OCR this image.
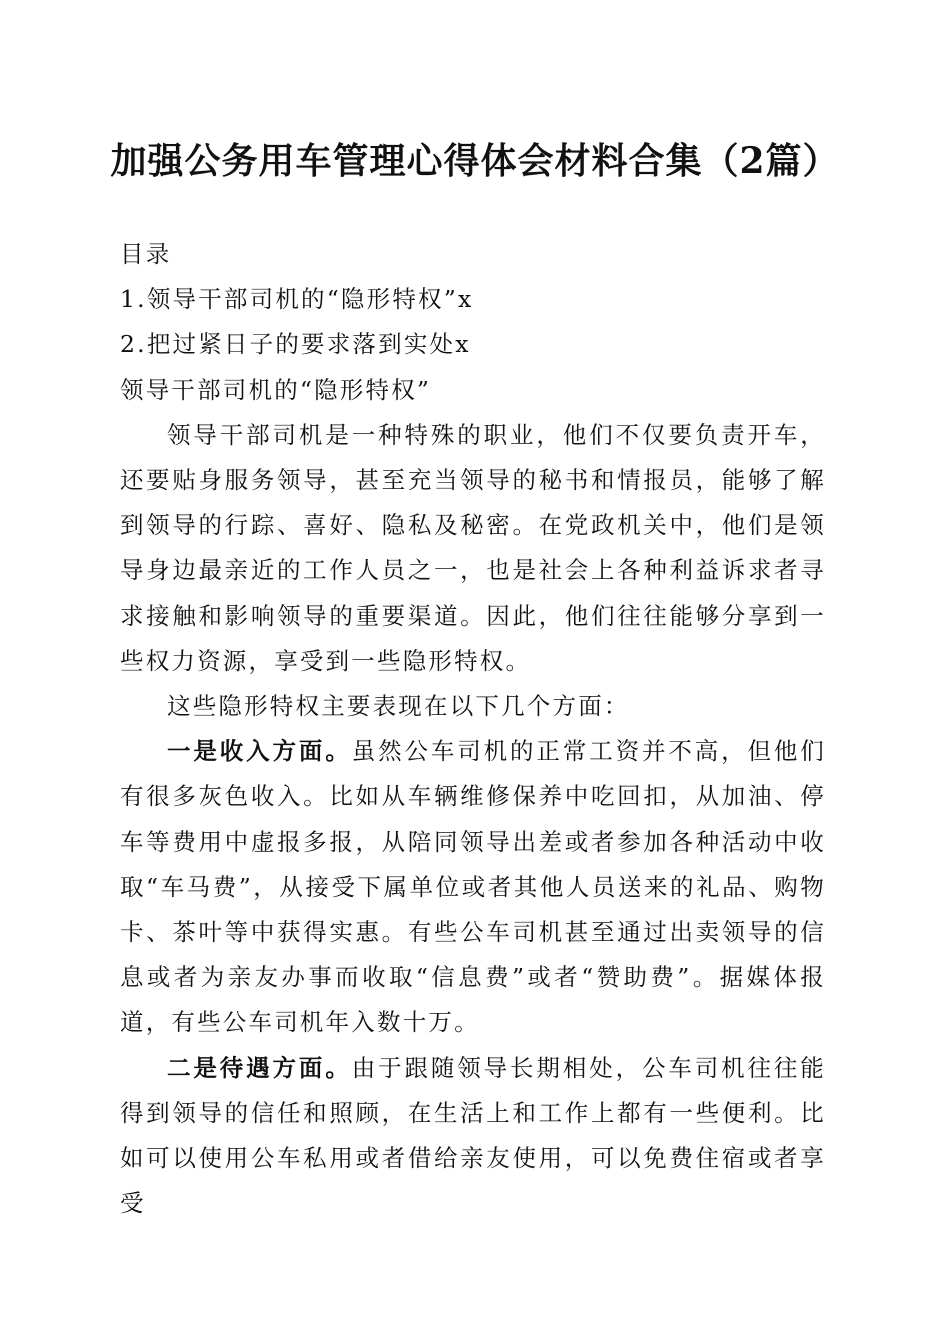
加强公务用车管理心得体会材料合集（2篇）

目录

1.领导干部司机的“隐形特权”x

2.把过紧日子的要求落到实处x

领导干部司机的“隐形特权”

领导干部司机是一种特殊的职业，他们不仅要负责开车，还要贴身服务领导，甚至充当领导的秘书和情报员，能够了解到领导的行踪、喜好、隐私及秘密。在党政机关中，他们是领导身边最亲近的工作人员之一，也是社会上各种利益诉求者寻求接触和影响领导的重要渠道。因此，他们往往能够分享到一些权力资源，享受到一些隐形特权。

这些隐形特权主要表现在以下几个方面：

一是收入方面。虽然公车司机的正常工资并不高，但他们有很多灰色收入。比如从车辆维修保养中吃回扣，从加油、停车等费用中虚报多报，从陪同领导出差或者参加各种活动中收取“车马费”，从接受下属单位或者其他人员送来的礼品、购物卡、茶叶等中获得实惠。有些公车司机甚至通过出卖领导的信息或者为亲友办事而收取“信息费”或者“赞助费”。据媒体报道，有些公车司机年入数十万。

二是待遇方面。由于跟随领导长期相处，公车司机往往能得到领导的信任和照顾，在生活上和工作上都有一些便利。比如可以使用公车私用或者借给亲友使用，可以免费住宿或者享受
